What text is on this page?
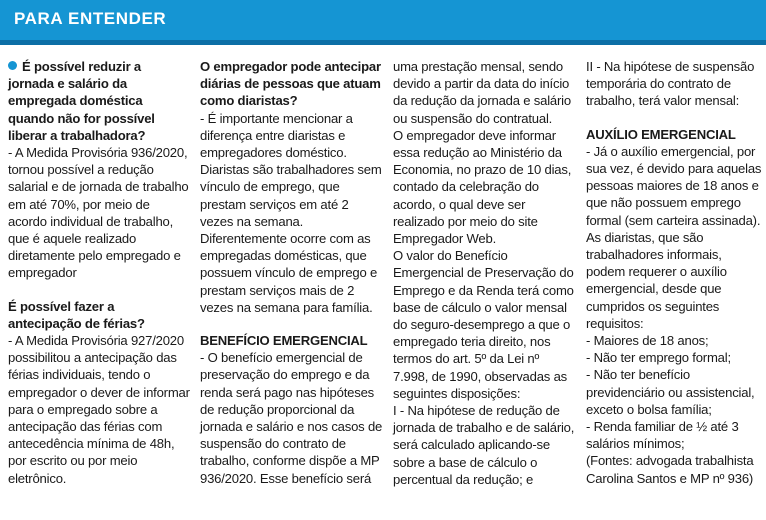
PARA ENTENDER
É possível reduzir a jornada e salário da empregada doméstica quando não for possível liberar a trabalhadora?
- A Medida Provisória 936/2020, tornou possível a redução salarial e de jornada de trabalho em até 70%, por meio de acordo individual de trabalho, que é aquele realizado diretamente pelo empregado e empregador
É possível fazer a antecipação de férias?
- A Medida Provisória 927/2020 possibilitou a antecipação das férias individuais, tendo o empregador o dever de informar para o empregado sobre a antecipação das férias com antecedência mínima de 48h, por escrito ou por meio eletrônico.
O empregador pode antecipar diárias de pessoas que atuam como diaristas?
- É importante mencionar a diferença entre diaristas e empregadores doméstico. Diaristas são trabalhadores sem vínculo de emprego, que prestam serviços em até 2 vezes na semana. Diferentemente ocorre com as empregadas domésticas, que possuem vínculo de emprego e prestam serviços mais de 2 vezes na semana para família.
BENEFÍCIO EMERGENCIAL
- O benefício emergencial de preservação do emprego e da renda será pago nas hipóteses de redução proporcional da jornada e salário e nos casos de suspensão do contrato de trabalho, conforme dispõe a MP 936/2020. Esse benefício será
uma prestação mensal, sendo devido a partir da data do início da redução da jornada e salário ou suspensão do contratual.
O empregador deve informar essa redução ao Ministério da Economia, no prazo de 10 dias, contado da celebração do acordo, o qual deve ser realizado por meio do site Empregador Web.
O valor do Benefício Emergencial de Preservação do Emprego e da Renda terá como base de cálculo o valor mensal do seguro-desemprego a que o empregado teria direito, nos termos do art. 5º da Lei nº 7.998, de 1990, observadas as seguintes disposições:
I - Na hipótese de redução de jornada de trabalho e de salário, será calculado aplicando-se sobre a base de cálculo o percentual da redução; e
II - Na hipótese de suspensão temporária do contrato de trabalho, terá valor mensal:
AUXÍLIO EMERGENCIAL
- Já o auxílio emergencial, por sua vez, é devido para aquelas pessoas maiores de 18 anos e que não possuem emprego formal (sem carteira assinada). As diaristas, que são trabalhadores informais, podem requerer o auxílio emergencial, desde que cumpridos os seguintes requisitos:
- Maiores de 18 anos;
- Não ter emprego formal;
- Não ter benefício previdenciário ou assistencial, exceto o bolsa família;
- Renda familiar de ½ até 3 salários mínimos;
(Fontes: advogada trabalhista Carolina Santos e MP nº 936)
